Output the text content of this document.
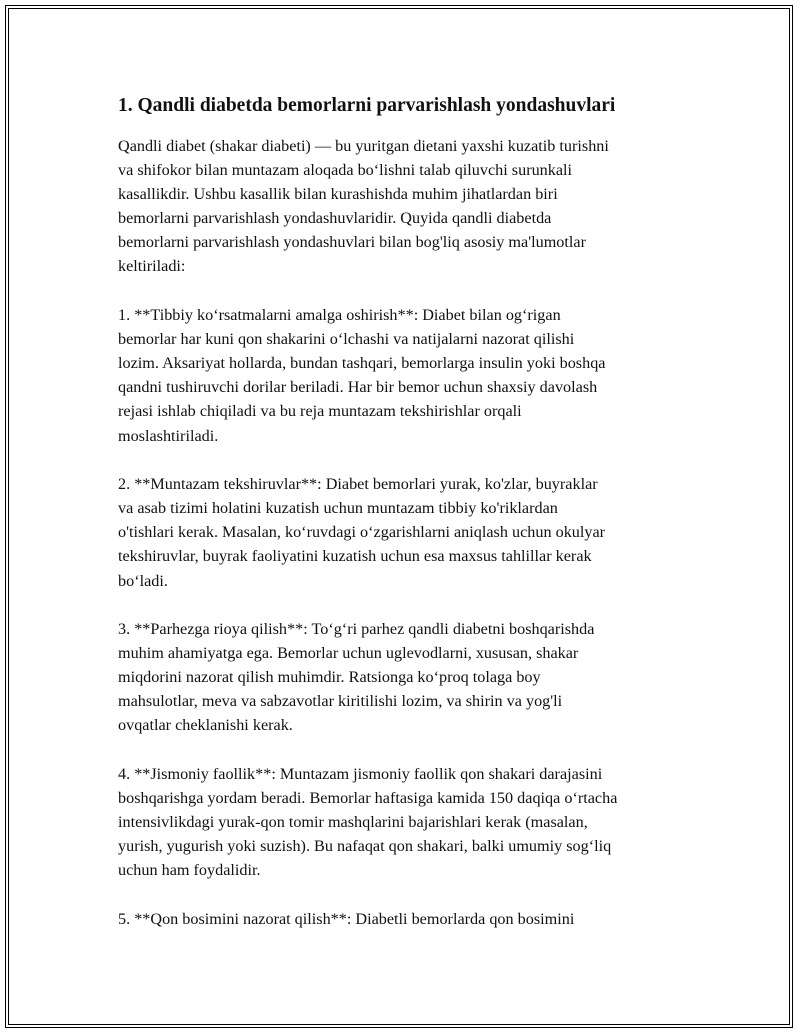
1. Qandli diabetda bemorlarni parvarishlash yondashuvlari

Qandli diabet (shakar diabeti) — bu yuritgan dietani yaxshi kuzatib turishni
va shifokor bilan muntazam aloqada bo‘lishni talab qiluvchi surunkali
kasallikdir. Ushbu kasallik bilan kurashishda muhim jihatlardan biri
bemorlarni parvarishlash yondashuvlaridir. Quyida qandli diabetda
bemorlarni parvarishlash yondashuvlari bilan bog'liq asosiy ma'lumotlar
keltiriladi:

1. **Tibbiy ko‘rsatmalarni amalga oshirish**: Diabet bilan og‘rigan
bemorlar har kuni qon shakarini o‘lchashi va natijalarni nazorat qilishi
lozim. Aksariyat hollarda, bundan tashqari, bemorlarga insulin yoki boshqa
qandni tushiruvchi dorilar beriladi. Har bir bemor uchun shaxsiy davolash
rejasi ishlab chiqiladi va bu reja muntazam tekshirishlar orqali
moslashtiriladi.

2. **Muntazam tekshiruvlar**: Diabet bemorlari yurak, ko'zlar, buyraklar
va asab tizimi holatini kuzatish uchun muntazam tibbiy ko'riklardan
o'tishlari kerak. Masalan, ko‘ruvdagi o‘zgarishlarni aniqlash uchun okulyar
tekshiruvlar, buyrak faoliyatini kuzatish uchun esa maxsus tahlillar kerak
bo‘ladi.

3. **Parhezga rioya qilish**: To‘g‘ri parhez qandli diabetni boshqarishda
muhim ahamiyatga ega. Bemorlar uchun uglevodlarni, xususan, shakar
miqdorini nazorat qilish muhimdir. Ratsionga ko‘proq tolaga boy
mahsulotlar, meva va sabzavotlar kiritilishi lozim, va shirin va yog'li
ovqatlar cheklanishi kerak.

4. **Jismoniy faollik**: Muntazam jismoniy faollik qon shakari darajasini
boshqarishga yordam beradi. Bemorlar haftasiga kamida 150 daqiqa o‘rtacha
intensivlikdagi yurak-qon tomir mashqlarini bajarishlari kerak (masalan,
yurish, yugurish yoki suzish). Bu nafaqat qon shakari, balki umumiy sog‘liq
uchun ham foydalidir.

5. **Qon bosimini nazorat qilish**: Diabetli bemorlarda qon bosimini
